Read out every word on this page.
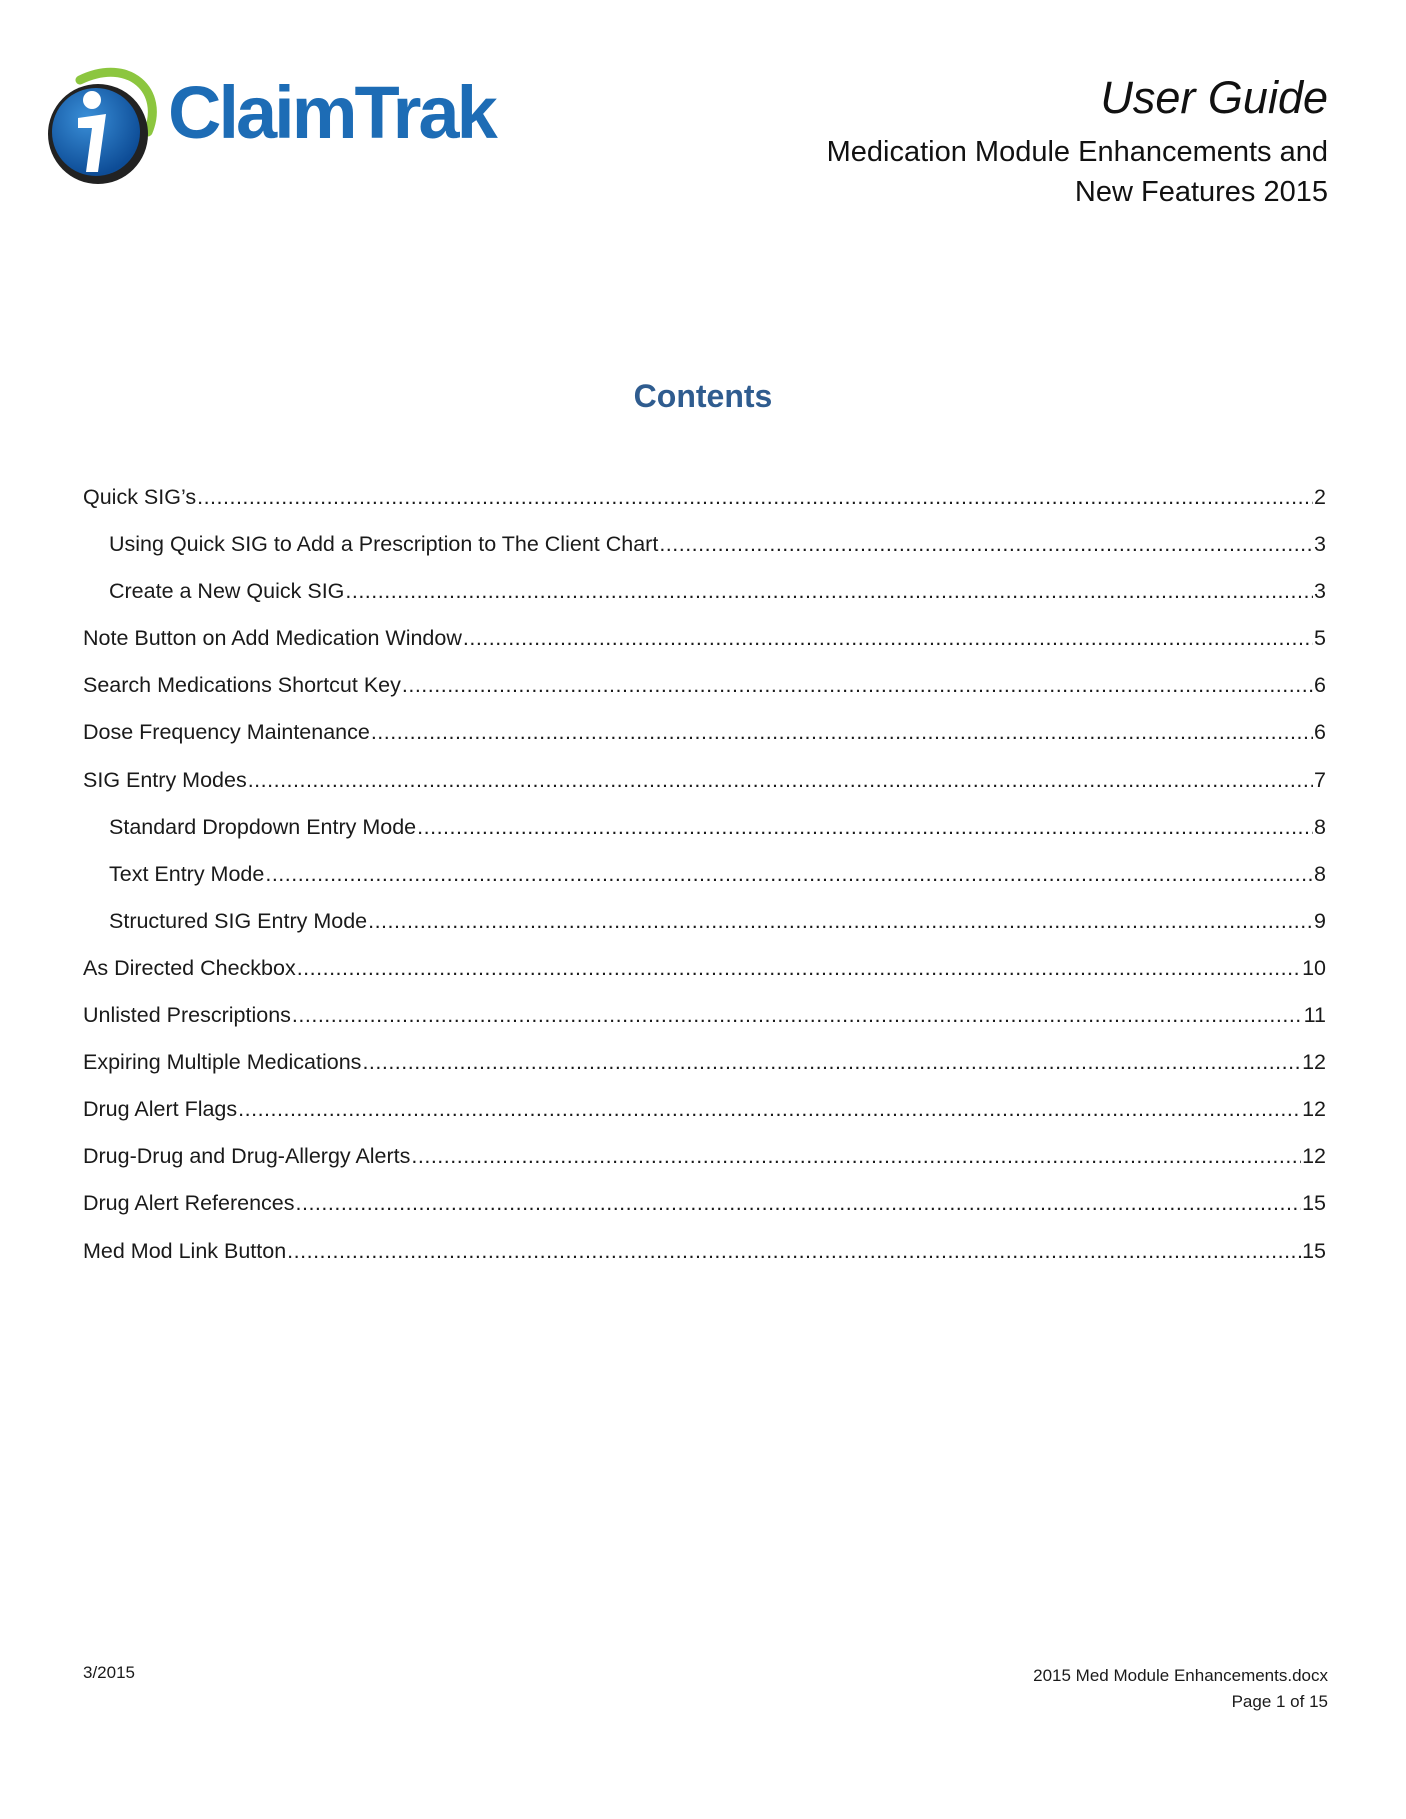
ClaimTrak	User Guide
Medication Module Enhancements and
New Features 2015
Contents
Quick SIG’s .....	2
Using Quick SIG to Add a Prescription to The Client Chart .....	3
Create a New Quick SIG .....	3
Note Button on Add Medication Window .....	5
Search Medications Shortcut Key .....	6
Dose Frequency Maintenance .....	6
SIG Entry Modes .....	7
Standard Dropdown Entry Mode .....	8
Text Entry Mode .....	8
Structured SIG Entry Mode .....	9
As Directed Checkbox .....	10
Unlisted Prescriptions .....	11
Expiring Multiple Medications .....	12
Drug Alert Flags .....	12
Drug-Drug and Drug-Allergy Alerts .....	12
Drug Alert References .....	15
Med Mod Link Button .....	15
3/2015	2015 Med Module Enhancements.docx
Page 1 of 15
